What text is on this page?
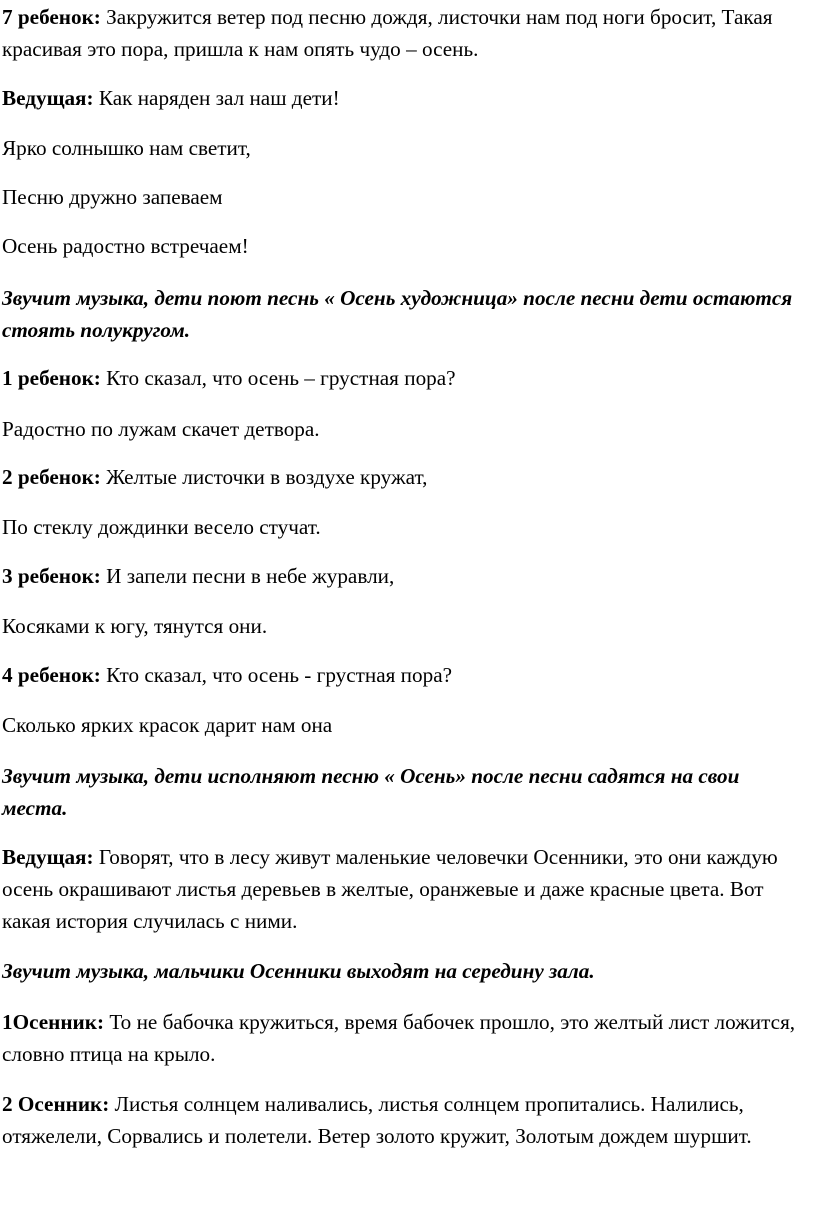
7 ребенок: Закружится ветер под песню дождя, листочки нам под ноги бросит, Такая красивая это пора, пришла к нам опять чудо – осень.

Ведущая: Как наряден зал наш дети!

Ярко солнышко нам светит,

Песню дружно запеваем

Осень радостно встречаем!

Звучит музыка, дети поют песнь « Осень художница» после песни дети остаются стоять полукругом.

1 ребенок: Кто сказал, что осень – грустная пора?

Радостно по лужам скачет детвора.

2 ребенок: Желтые листочки в воздухе кружат,

По стеклу дождинки весело стучат.

3 ребенок: И запели песни в небе журавли,

Косяками к югу, тянутся они.

4 ребенок: Кто сказал, что осень - грустная пора?

Сколько ярких красок дарит нам она

Звучит музыка, дети исполняют песню « Осень» после песни садятся на свои места.

Ведущая: Говорят, что в лесу живут маленькие человечки Осенники, это они каждую осень окрашивают листья деревьев в желтые, оранжевые и даже красные цвета. Вот какая история случилась с ними.

Звучит музыка, мальчики Осенники выходят на середину зала.

1Осенник: То не бабочка кружиться, время бабочек прошло, это желтый лист ложится, словно птица на крыло.

2 Осенник: Листья солнцем наливались, листья солнцем пропитались. Налились, отяжелели, Сорвались и полетели. Ветер золото кружит, Золотым дождем шуршит.
